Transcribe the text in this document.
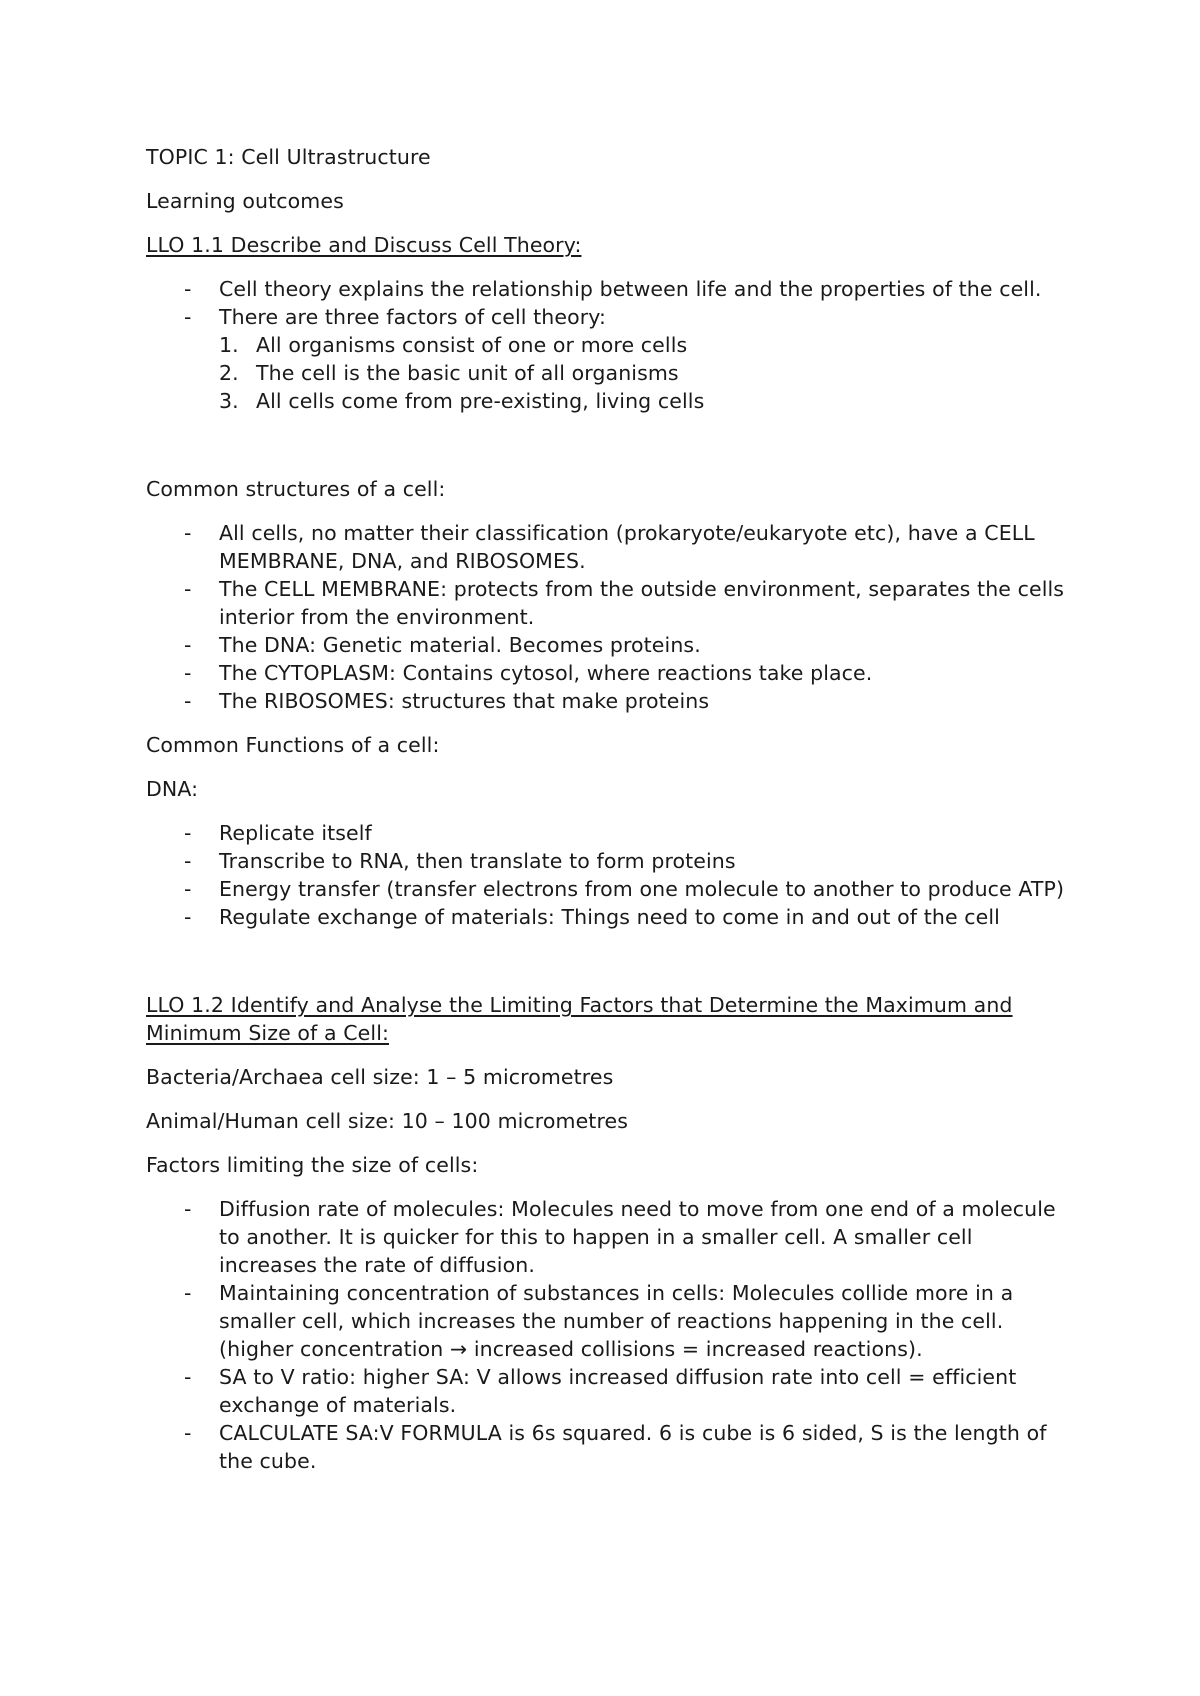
TOPIC 1: Cell Ultrastructure
Learning outcomes
LLO 1.1 Describe and Discuss Cell Theory:
- Cell theory explains the relationship between life and the properties of the cell.
- There are three factors of cell theory:
1. All organisms consist of one or more cells
2. The cell is the basic unit of all organisms
3. All cells come from pre-existing, living cells
Common structures of a cell:
- All cells, no matter their classification (prokaryote/eukaryote etc), have a CELL MEMBRANE, DNA, and RIBOSOMES.
- The CELL MEMBRANE: protects from the outside environment, separates the cells interior from the environment.
- The DNA: Genetic material. Becomes proteins.
- The CYTOPLASM: Contains cytosol, where reactions take place.
- The RIBOSOMES: structures that make proteins
Common Functions of a cell:
DNA:
- Replicate itself
- Transcribe to RNA, then translate to form proteins
- Energy transfer (transfer electrons from one molecule to another to produce ATP)
- Regulate exchange of materials: Things need to come in and out of the cell
LLO 1.2 Identify and Analyse the Limiting Factors that Determine the Maximum and Minimum Size of a Cell:
Bacteria/Archaea cell size: 1 – 5 micrometres
Animal/Human cell size: 10 – 100 micrometres
Factors limiting the size of cells:
- Diffusion rate of molecules: Molecules need to move from one end of a molecule to another. It is quicker for this to happen in a smaller cell. A smaller cell increases the rate of diffusion.
- Maintaining concentration of substances in cells: Molecules collide more in a smaller cell, which increases the number of reactions happening in the cell. (higher concentration → increased collisions = increased reactions).
- SA to V ratio: higher SA: V allows increased diffusion rate into cell = efficient exchange of materials.
- CALCULATE SA:V FORMULA is 6s squared. 6 is cube is 6 sided, S is the length of the cube.
